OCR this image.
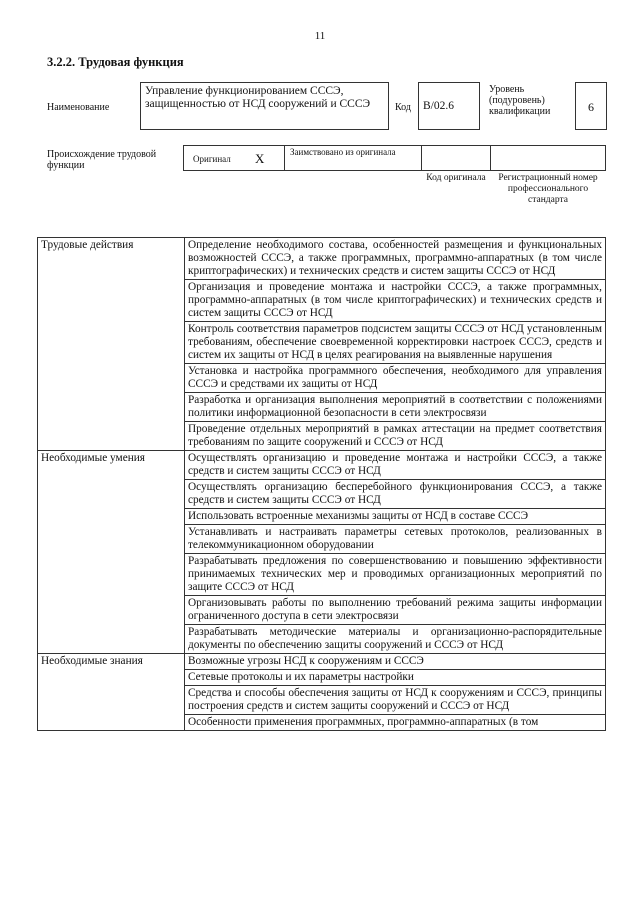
11
3.2.2. Трудовая функция
Наименование
Управление функционированием СССЭ, защищенностью от НСД сооружений и СССЭ	Код	B/02.6
Уровень (подуровень) квалификации	6
Происхождение трудовой функции
Оригинал X	Заимствовано из оригинала
Код оригинала	Регистрационный номер профессионального стандарта
Трудовые действия	Определение необходимого состава, особенностей размещения и функциональных возможностей СССЭ, а также программных, программно-аппаратных (в том числе криптографических) и технических средств и систем защиты СССЭ от НСД
	Организация и проведение монтажа и настройки СССЭ, а также программных, программно-аппаратных (в том числе криптографических) и технических средств и систем защиты СССЭ от НСД
	Контроль соответствия параметров подсистем защиты СССЭ от НСД установленным требованиям, обеспечение своевременной корректировки настроек СССЭ, средств и систем их защиты от НСД в целях реагирования на выявленные нарушения
	Установка и настройка программного обеспечения, необходимого для управления СССЭ и средствами их защиты от НСД
	Разработка и организация выполнения мероприятий в соответствии с положениями политики информационной безопасности в сети электросвязи
	Проведение отдельных мероприятий в рамках аттестации на предмет соответствия требованиям по защите сооружений и СССЭ от НСД
Необходимые умения	Осуществлять организацию и проведение монтажа и настройки СССЭ, а также средств и систем защиты СССЭ от НСД
	Осуществлять организацию бесперебойного функционирования СССЭ, а также средств и систем защиты СССЭ от НСД
	Использовать встроенные механизмы защиты от НСД в составе СССЭ
	Устанавливать и настраивать параметры сетевых протоколов, реализованных в телекоммуникационном оборудовании
	Разрабатывать предложения по совершенствованию и повышению эффективности принимаемых технических мер и проводимых организационных мероприятий по защите СССЭ от НСД
	Организовывать работы по выполнению требований режима защиты информации ограниченного доступа в сети электросвязи
	Разрабатывать методические материалы и организационно-распорядительные документы по обеспечению защиты сооружений и СССЭ от НСД
Необходимые знания	Возможные угрозы НСД к сооружениям и СССЭ
	Сетевые протоколы и их параметры настройки
	Средства и способы обеспечения защиты от НСД к сооружениям и СССЭ, принципы построения средств и систем защиты сооружений и СССЭ от НСД
	Особенности применения программных, программно-аппаратных (в том
